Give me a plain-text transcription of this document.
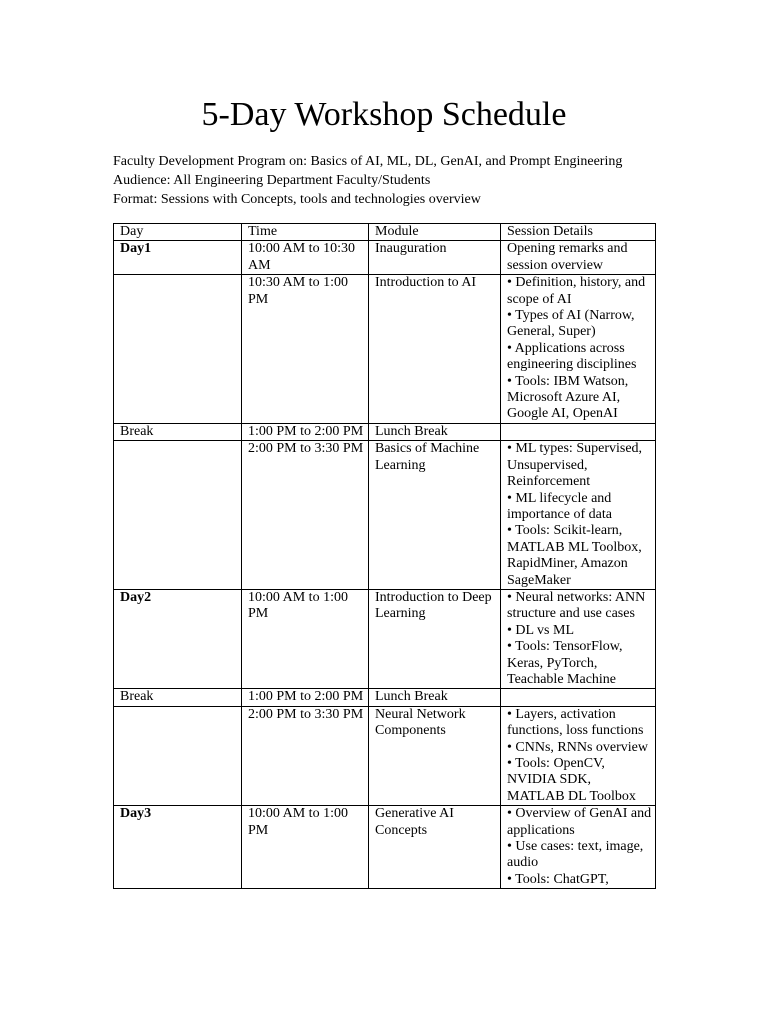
5-Day Workshop Schedule
Faculty Development Program on: Basics of AI, ML, DL, GenAI, and Prompt Engineering
Audience: All Engineering Department Faculty/Students
Format: Sessions with Concepts, tools and technologies overview
Day	Time	Module	Session Details
Day1	10:00 AM to 10:30 AM	Inauguration	Opening remarks and session overview

	10:30 AM to 1:00 PM	Introduction to AI	• Definition, history, and scope of AI
• Types of AI (Narrow, General, Super)
• Applications across engineering disciplines
• Tools: IBM Watson, Microsoft Azure AI, Google AI, OpenAI

Break	1:00 PM to 2:00 PM	Lunch Break	
	2:00 PM to 3:30 PM	Basics of Machine Learning	• ML types: Supervised, Unsupervised, Reinforcement
• ML lifecycle and importance of data
• Tools: Scikit-learn, MATLAB ML Toolbox, RapidMiner, Amazon SageMaker

Day2	10:00 AM to 1:00 PM	Introduction to Deep Learning	• Neural networks: ANN structure and use cases
• DL vs ML
• Tools: TensorFlow, Keras, PyTorch, Teachable Machine

Break	1:00 PM to 2:00 PM	Lunch Break	
	2:00 PM to 3:30 PM	Neural Network Components	• Layers, activation functions, loss functions
• CNNs, RNNs overview
• Tools: OpenCV, NVIDIA SDK, MATLAB DL Toolbox

Day3	10:00 AM to 1:00 PM	Generative AI Concepts	• Overview of GenAI and applications
• Use cases: text, image, audio
• Tools: ChatGPT,
